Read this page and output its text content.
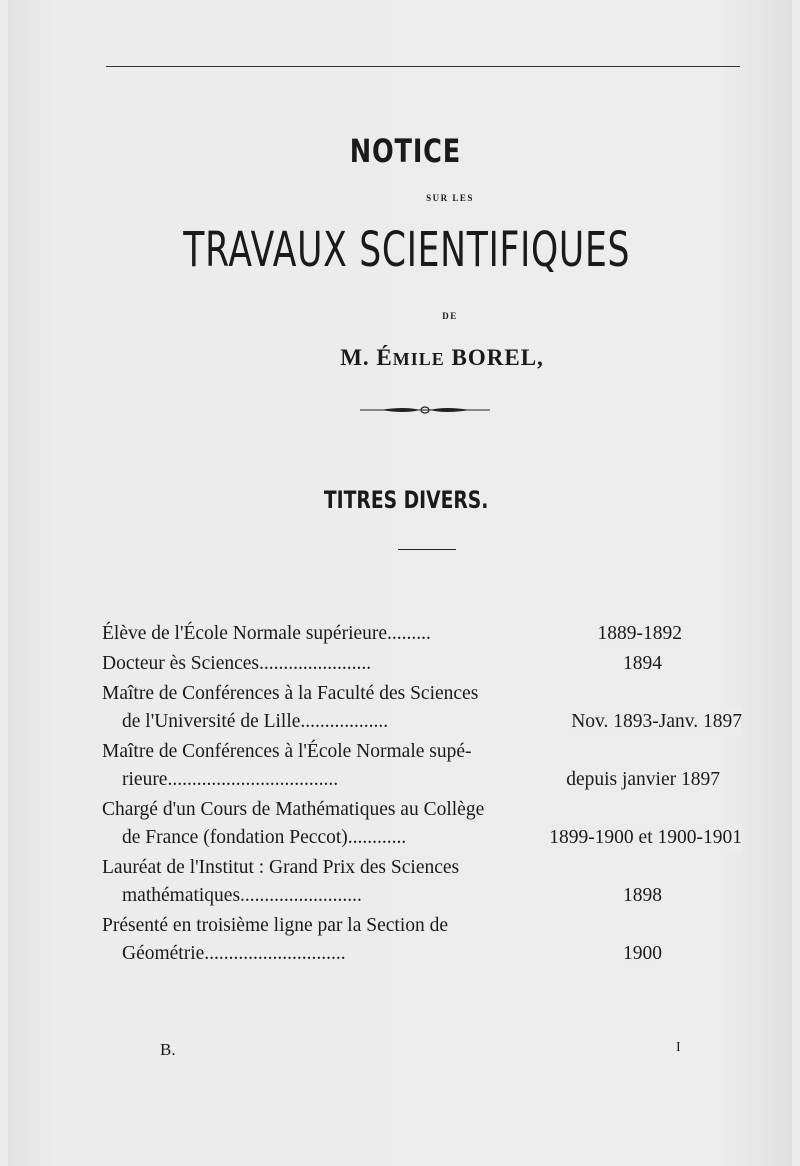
NOTICE
SUR LES
TRAVAUX SCIENTIFIQUES
DE
M. ÉMILE BOREL,
TITRES DIVERS.
Élève de l'École Normale supérieure.........	1889-1892
Docteur ès Sciences.......................	1894
Maître de Conférences à la Faculté des Sciences
de l'Université de Lille..................	Nov. 1893-Janv. 1897
Maître de Conférences à l'École Normale supé-
rieure...................................	depuis janvier 1897
Chargé d'un Cours de Mathématiques au Collège
de France (fondation Peccot)............	1899-1900 et 1900-1901
Lauréat de l'Institut : Grand Prix des Sciences
mathématiques.........................	1898
Présenté en troisième ligne par la Section de
Géométrie.............................	1900
B.	I
